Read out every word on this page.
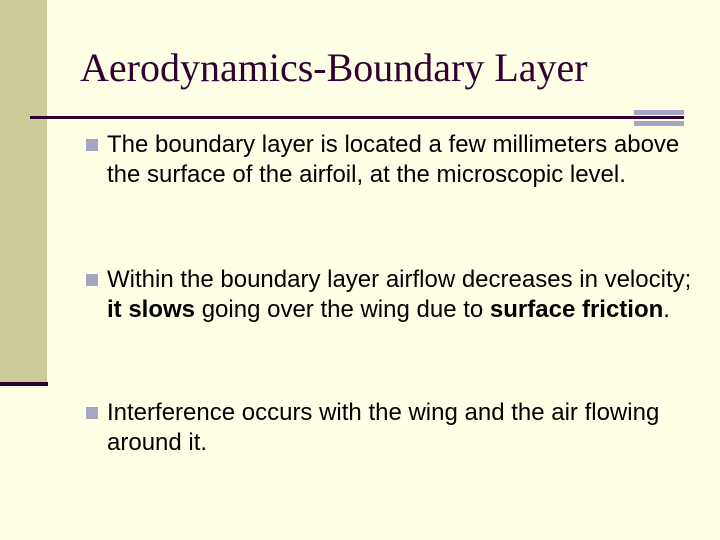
Aerodynamics-Boundary Layer
The boundary layer is located a few millimeters above the surface of the airfoil, at the microscopic level.
Within the boundary layer airflow decreases in velocity; it slows going over the wing due to surface friction.
Interference occurs with the wing and the air flowing around it.
